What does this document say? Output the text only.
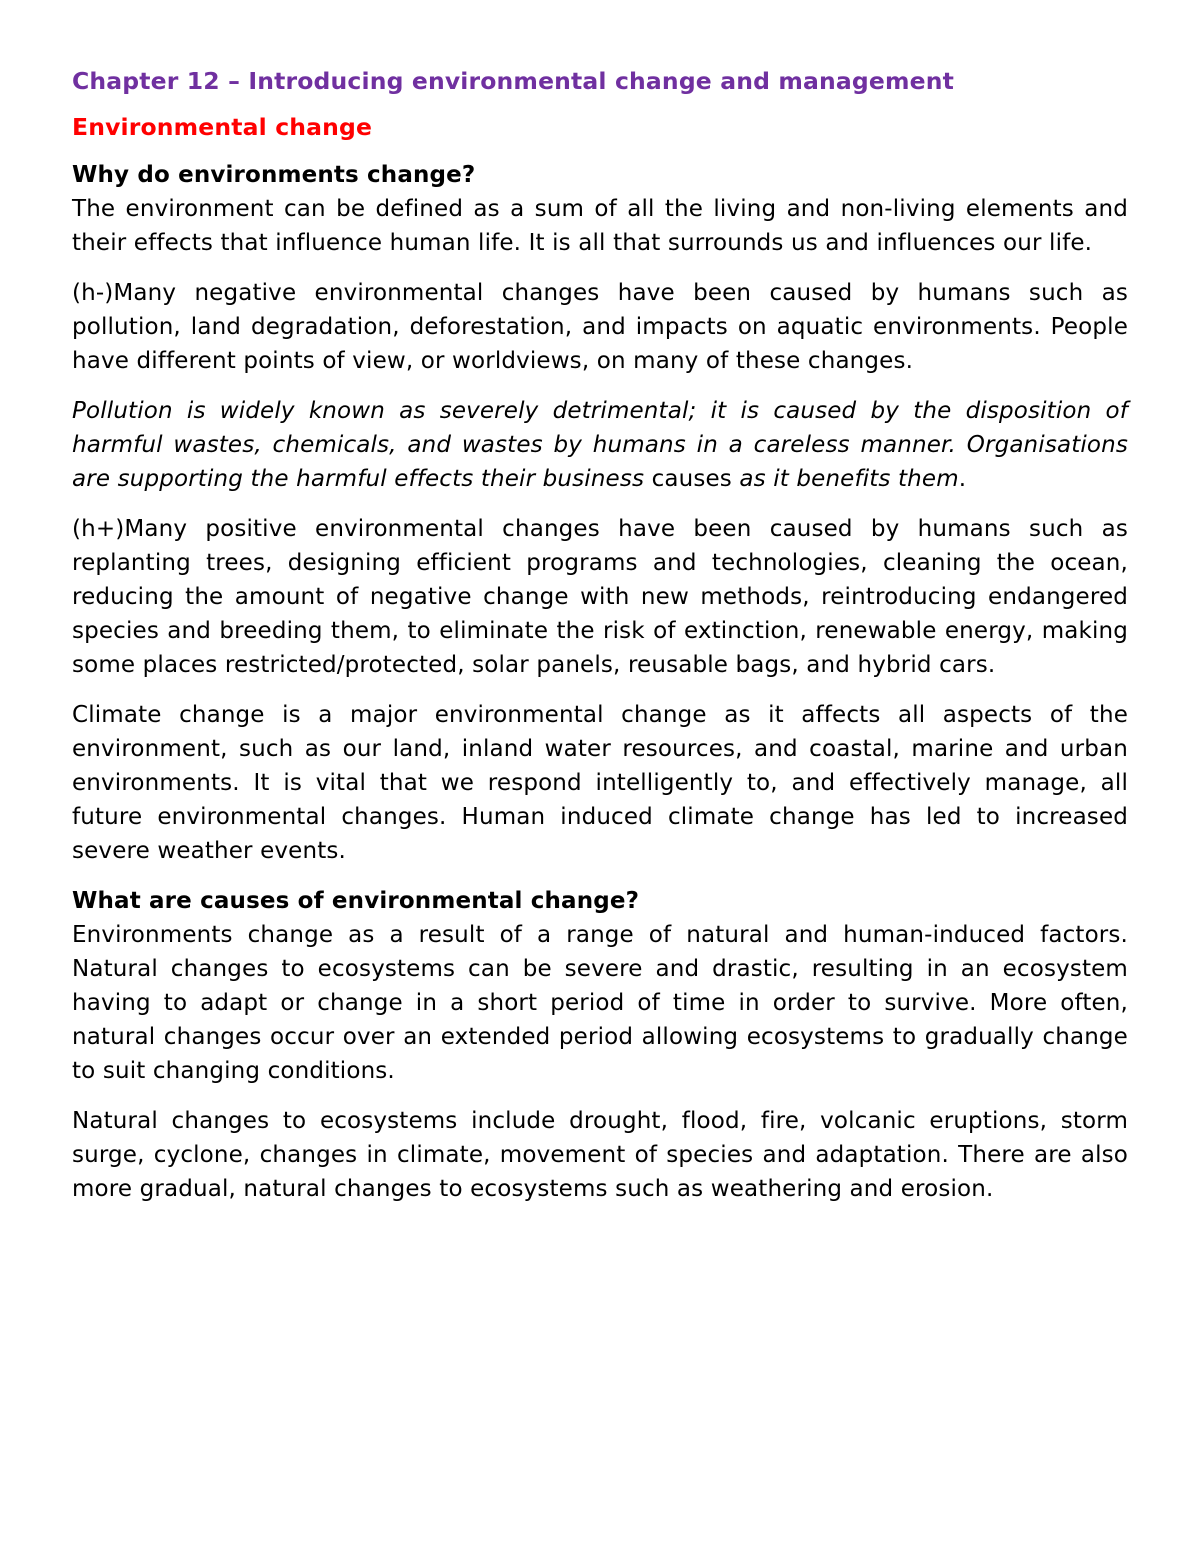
Chapter 12 – Introducing environmental change and management

Environmental change

Why do environments change?

The environment can be defined as a sum of all the living and non-living elements and their effects that influence human life. It is all that surrounds us and influences our life.

(h-)Many negative environmental changes have been caused by humans such as pollution, land degradation, deforestation, and impacts on aquatic environments. People have different points of view, or worldviews, on many of these changes.

Pollution is widely known as severely detrimental; it is caused by the disposition of harmful wastes, chemicals, and wastes by humans in a careless manner. Organisations are supporting the harmful effects their business causes as it benefits them.

(h+)Many positive environmental changes have been caused by humans such as replanting trees, designing efficient programs and technologies, cleaning the ocean, reducing the amount of negative change with new methods, reintroducing endangered species and breeding them, to eliminate the risk of extinction, renewable energy, making some places restricted/protected, solar panels, reusable bags, and hybrid cars.

Climate change is a major environmental change as it affects all aspects of the environment, such as our land, inland water resources, and coastal, marine and urban environments. It is vital that we respond intelligently to, and effectively manage, all future environmental changes. Human induced climate change has led to increased severe weather events.

What are causes of environmental change?

Environments change as a result of a range of natural and human-induced factors. Natural changes to ecosystems can be severe and drastic, resulting in an ecosystem having to adapt or change in a short period of time in order to survive. More often, natural changes occur over an extended period allowing ecosystems to gradually change to suit changing conditions.

Natural changes to ecosystems include drought, flood, fire, volcanic eruptions, storm surge, cyclone, changes in climate, movement of species and adaptation. There are also more gradual, natural changes to ecosystems such as weathering and erosion.
